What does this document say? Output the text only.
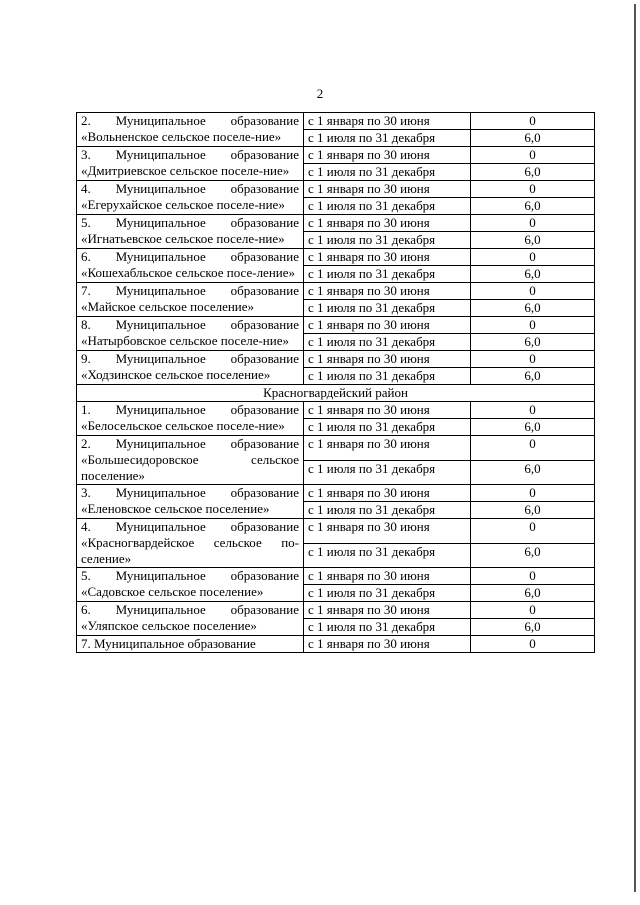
2
2. Муниципальное образование «Вольненское сельское поселе-ние»	с 1 января по 30 июня	0
	с 1 июля по 31 декабря	6,0
3. Муниципальное образование «Дмитриевское сельское поселе-ние»	с 1 января по 30 июня	0
	с 1 июля по 31 декабря	6,0
4. Муниципальное образование «Егерухайское сельское поселе-ние»	с 1 января по 30 июня	0
	с 1 июля по 31 декабря	6,0
5. Муниципальное образование «Игнатьевское сельское поселе-ние»	с 1 января по 30 июня	0
	с 1 июля по 31 декабря	6,0
6. Муниципальное образование «Кошехабльское сельское посе-ление»	с 1 января по 30 июня	0
	с 1 июля по 31 декабря	6,0
7. Муниципальное образование «Майское сельское поселение»	с 1 января по 30 июня	0
	с 1 июля по 31 декабря	6,0
8. Муниципальное образование «Натырбовское сельское поселе-ние»	с 1 января по 30 июня	0
	с 1 июля по 31 декабря	6,0
9. Муниципальное образование «Ходзинское сельское поселение»	с 1 января по 30 июня	0
	с 1 июля по 31 декабря	6,0
Красногвардейский район		
1. Муниципальное образование «Белосельское сельское поселе-ние»	с 1 января по 30 июня	0
	с 1 июля по 31 декабря	6,0
2. Муниципальное образование «Большесидоровское сельское поселение»	с 1 января по 30 июня	0
	с 1 июля по 31 декабря	6,0
3. Муниципальное образование «Еленовское сельское поселение»	с 1 января по 30 июня	0
	с 1 июля по 31 декабря	6,0
4. Муниципальное образование «Красногвардейское сельское по-селение»	с 1 января по 30 июня	0
	с 1 июля по 31 декабря	6,0
5. Муниципальное образование «Садовское сельское поселение»	с 1 января по 30 июня	0
	с 1 июля по 31 декабря	6,0
6. Муниципальное образование «Уляпское сельское поселение»	с 1 января по 30 июня	0
	с 1 июля по 31 декабря	6,0
7. Муниципальное образование	с 1 января по 30 июня	0
